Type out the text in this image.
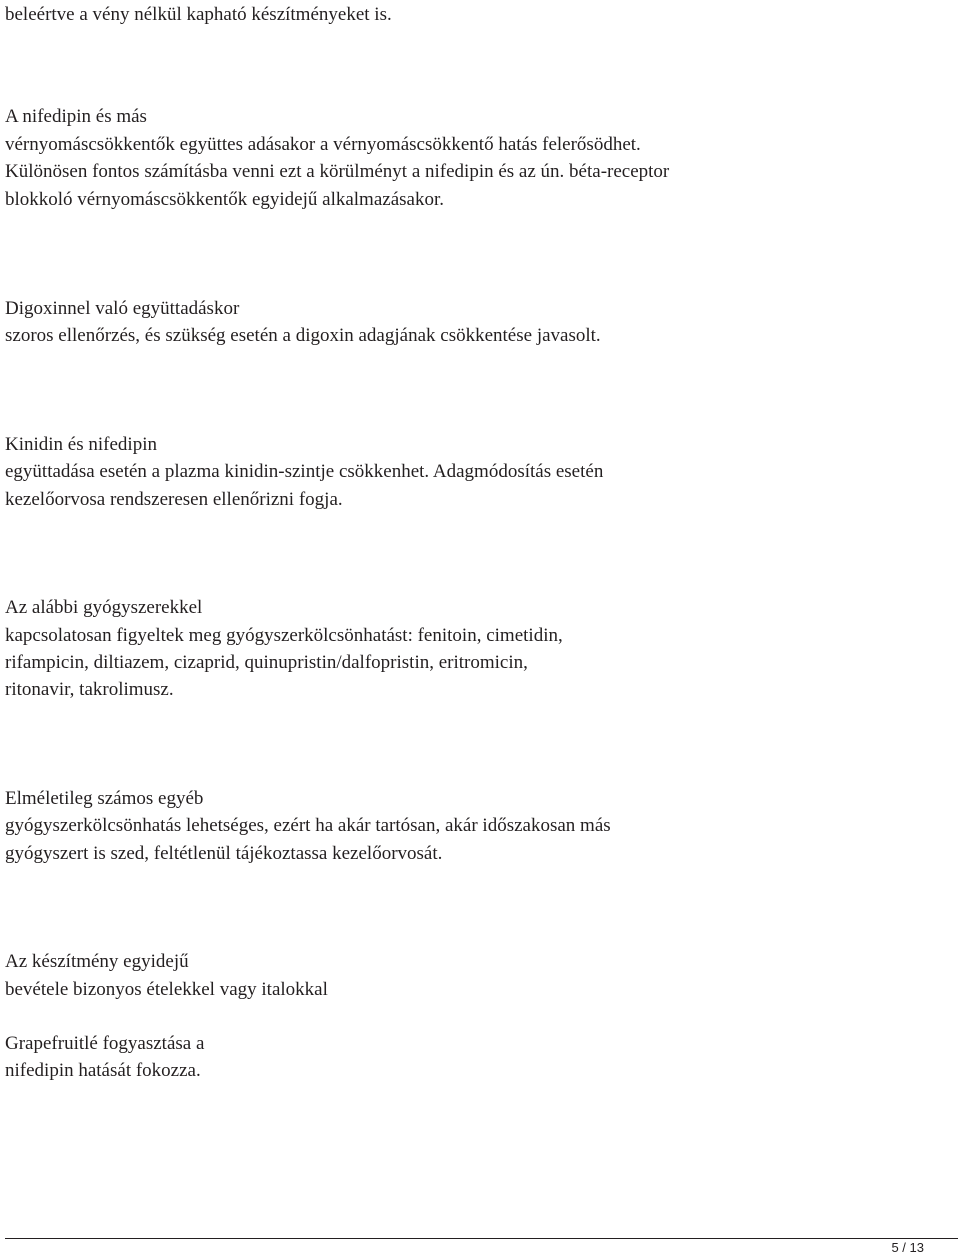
beleértve a vény nélkül kapható készítményeket is.
A nifedipin és más
vérnyomáscsökkentők együttes adásakor a vérnyomáscsökkentő hatás felerősödhet.
Különösen fontos számításba venni ezt a körülményt a nifedipin és az ún. béta-receptor
blokkoló vérnyomáscsökkentők egyidejű alkalmazásakor.
Digoxinnel való együttadáskor
szoros ellenőrzés, és szükség esetén a digoxin adagjának csökkentése javasolt.
Kinidin és nifedipin
együttadása esetén a plazma kinidin-szintje csökkenhet. Adagmódosítás esetén
kezelőorvosa rendszeresen ellenőrizni fogja.
Az alábbi gyógyszerekkel
kapcsolatosan figyeltek meg gyógyszerkölcsönhatást: fenitoin, cimetidin,
rifampicin, diltiazem, cizaprid, quinupristin/dalfopristin, eritromicin,
ritonavir, takrolimusz.
Elméletileg számos egyéb
gyógyszerkölcsönhatás lehetséges, ezért ha akár tartósan, akár időszakosan más
gyógyszert is szed, feltétlenül tájékoztassa kezelőorvosát.
Az készítmény egyidejű
bevétele bizonyos ételekkel vagy italokkal
Grapefruitlé fogyasztása a
nifedipin hatását fokozza.
5 / 13
